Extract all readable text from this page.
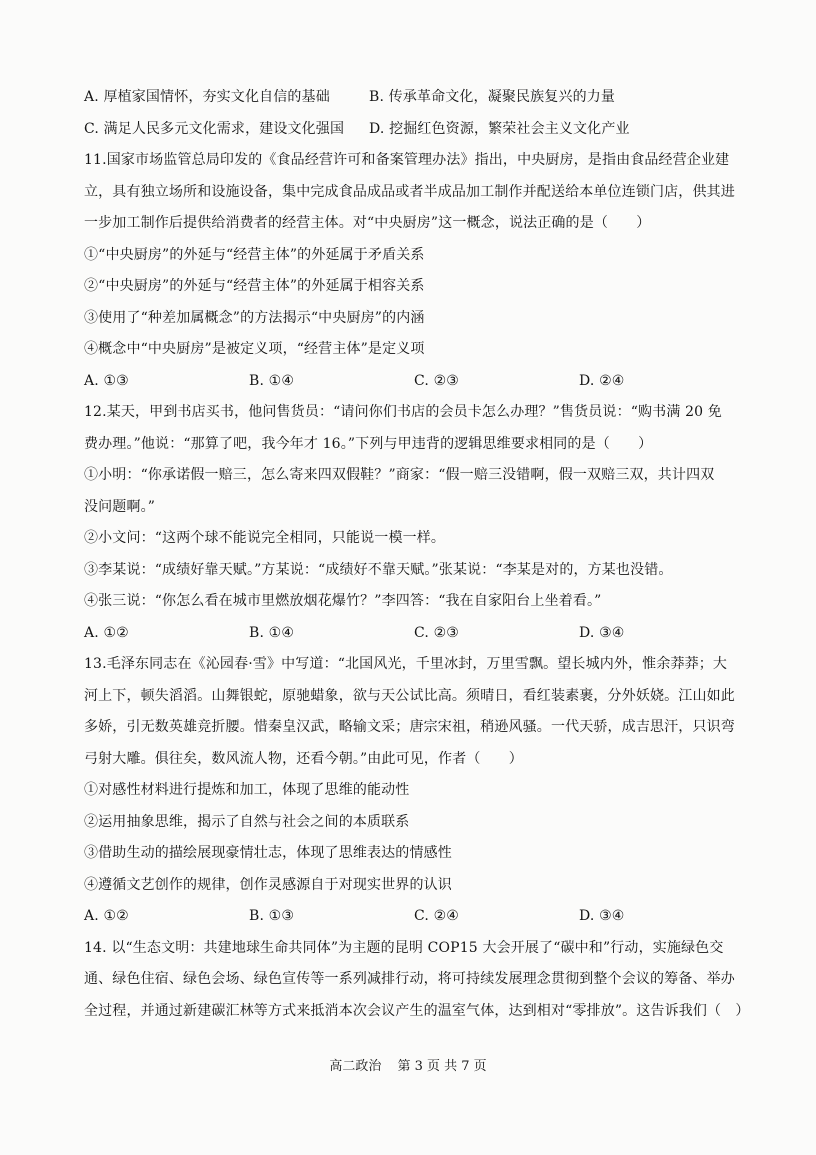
A. 厚植家国情怀，夯实文化自信的基础	B. 传承革命文化，凝聚民族复兴的力量
C. 满足人民多元文化需求，建设文化强国	D. 挖掘红色资源，繁荣社会主义文化产业
11.国家市场监管总局印发的《食品经营许可和备案管理办法》指出，中央厨房，是指由食品经营企业建
立，具有独立场所和设施设备，集中完成食品成品或者半成品加工制作并配送给本单位连锁门店，供其进
一步加工制作后提供给消费者的经营主体。对“中央厨房”这一概念，说法正确的是（　　）
①“中央厨房”的外延与“经营主体”的外延属于矛盾关系
②“中央厨房”的外延与“经营主体”的外延属于相容关系
③使用了“种差加属概念”的方法揭示“中央厨房”的内涵
④概念中“中央厨房”是被定义项，“经营主体”是定义项
A. ①③	B. ①④	C. ②③	D. ②④
12.某天，甲到书店买书，他问售货员：“请问你们书店的会员卡怎么办理？”售货员说：“购书满 20 免
费办理。”他说：“那算了吧，我今年才 16。”下列与甲违背的逻辑思维要求相同的是（　　）
①小明：“你承诺假一赔三，怎么寄来四双假鞋？”商家：“假一赔三没错啊，假一双赔三双，共计四双
没问题啊。”
②小文问：“这两个球不能说完全相同，只能说一模一样。
③李某说：“成绩好靠天赋。”方某说：“成绩好不靠天赋。”张某说：“李某是对的，方某也没错。
④张三说：“你怎么看在城市里燃放烟花爆竹？”李四答：“我在自家阳台上坐着看。”
A. ①②	B. ①④	C. ②③	D. ③④
13.毛泽东同志在《沁园春·雪》中写道：“北国风光，千里冰封，万里雪飘。望长城内外，惟余莽莽；大
河上下，顿失滔滔。山舞银蛇，原驰蜡象，欲与天公试比高。须晴日，看红装素裹，分外妖娆。江山如此
多娇，引无数英雄竞折腰。惜秦皇汉武，略输文采；唐宗宋祖，稍逊风骚。一代天骄，成吉思汗，只识弯
弓射大雕。俱往矣，数风流人物，还看今朝。”由此可见，作者（　　）
①对感性材料进行提炼和加工，体现了思维的能动性
②运用抽象思维，揭示了自然与社会之间的本质联系
③借助生动的描绘展现豪情壮志，体现了思维表达的情感性
④遵循文艺创作的规律，创作灵感源自于对现实世界的认识
A. ①②	B. ①③	C. ②④	D. ③④
14. 以“生态文明：共建地球生命共同体”为主题的昆明 COP15 大会开展了“碳中和”行动，实施绿色交
通、绿色住宿、绿色会场、绿色宣传等一系列减排行动，将可持续发展理念贯彻到整个会议的筹备、举办
全过程，并通过新建碳汇林等方式来抵消本次会议产生的温室气体，达到相对“零排放”。这告诉我们（　）
高二政治 第 3 页 共 7 页
